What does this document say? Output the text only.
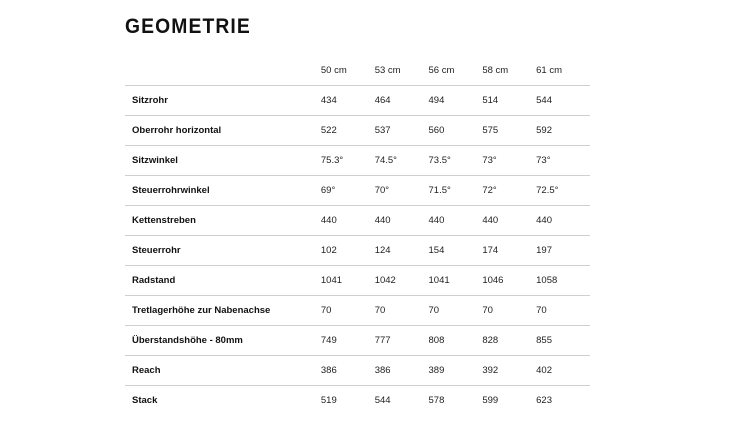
GEOMETRIE
	50 cm	53 cm	56 cm	58 cm	61 cm
Sitzrohr	434	464	494	514	544
Oberrohr horizontal	522	537	560	575	592
Sitzwinkel	75.3°	74.5°	73.5°	73°	73°
Steuerrohrwinkel	69°	70°	71.5°	72°	72.5°
Kettenstreben	440	440	440	440	440
Steuerrohr	102	124	154	174	197
Radstand	1041	1042	1041	1046	1058
Tretlagerhöhe zur Nabenachse	70	70	70	70	70
Überstandshöhe - 80mm	749	777	808	828	855
Reach	386	386	389	392	402
Stack	519	544	578	599	623
